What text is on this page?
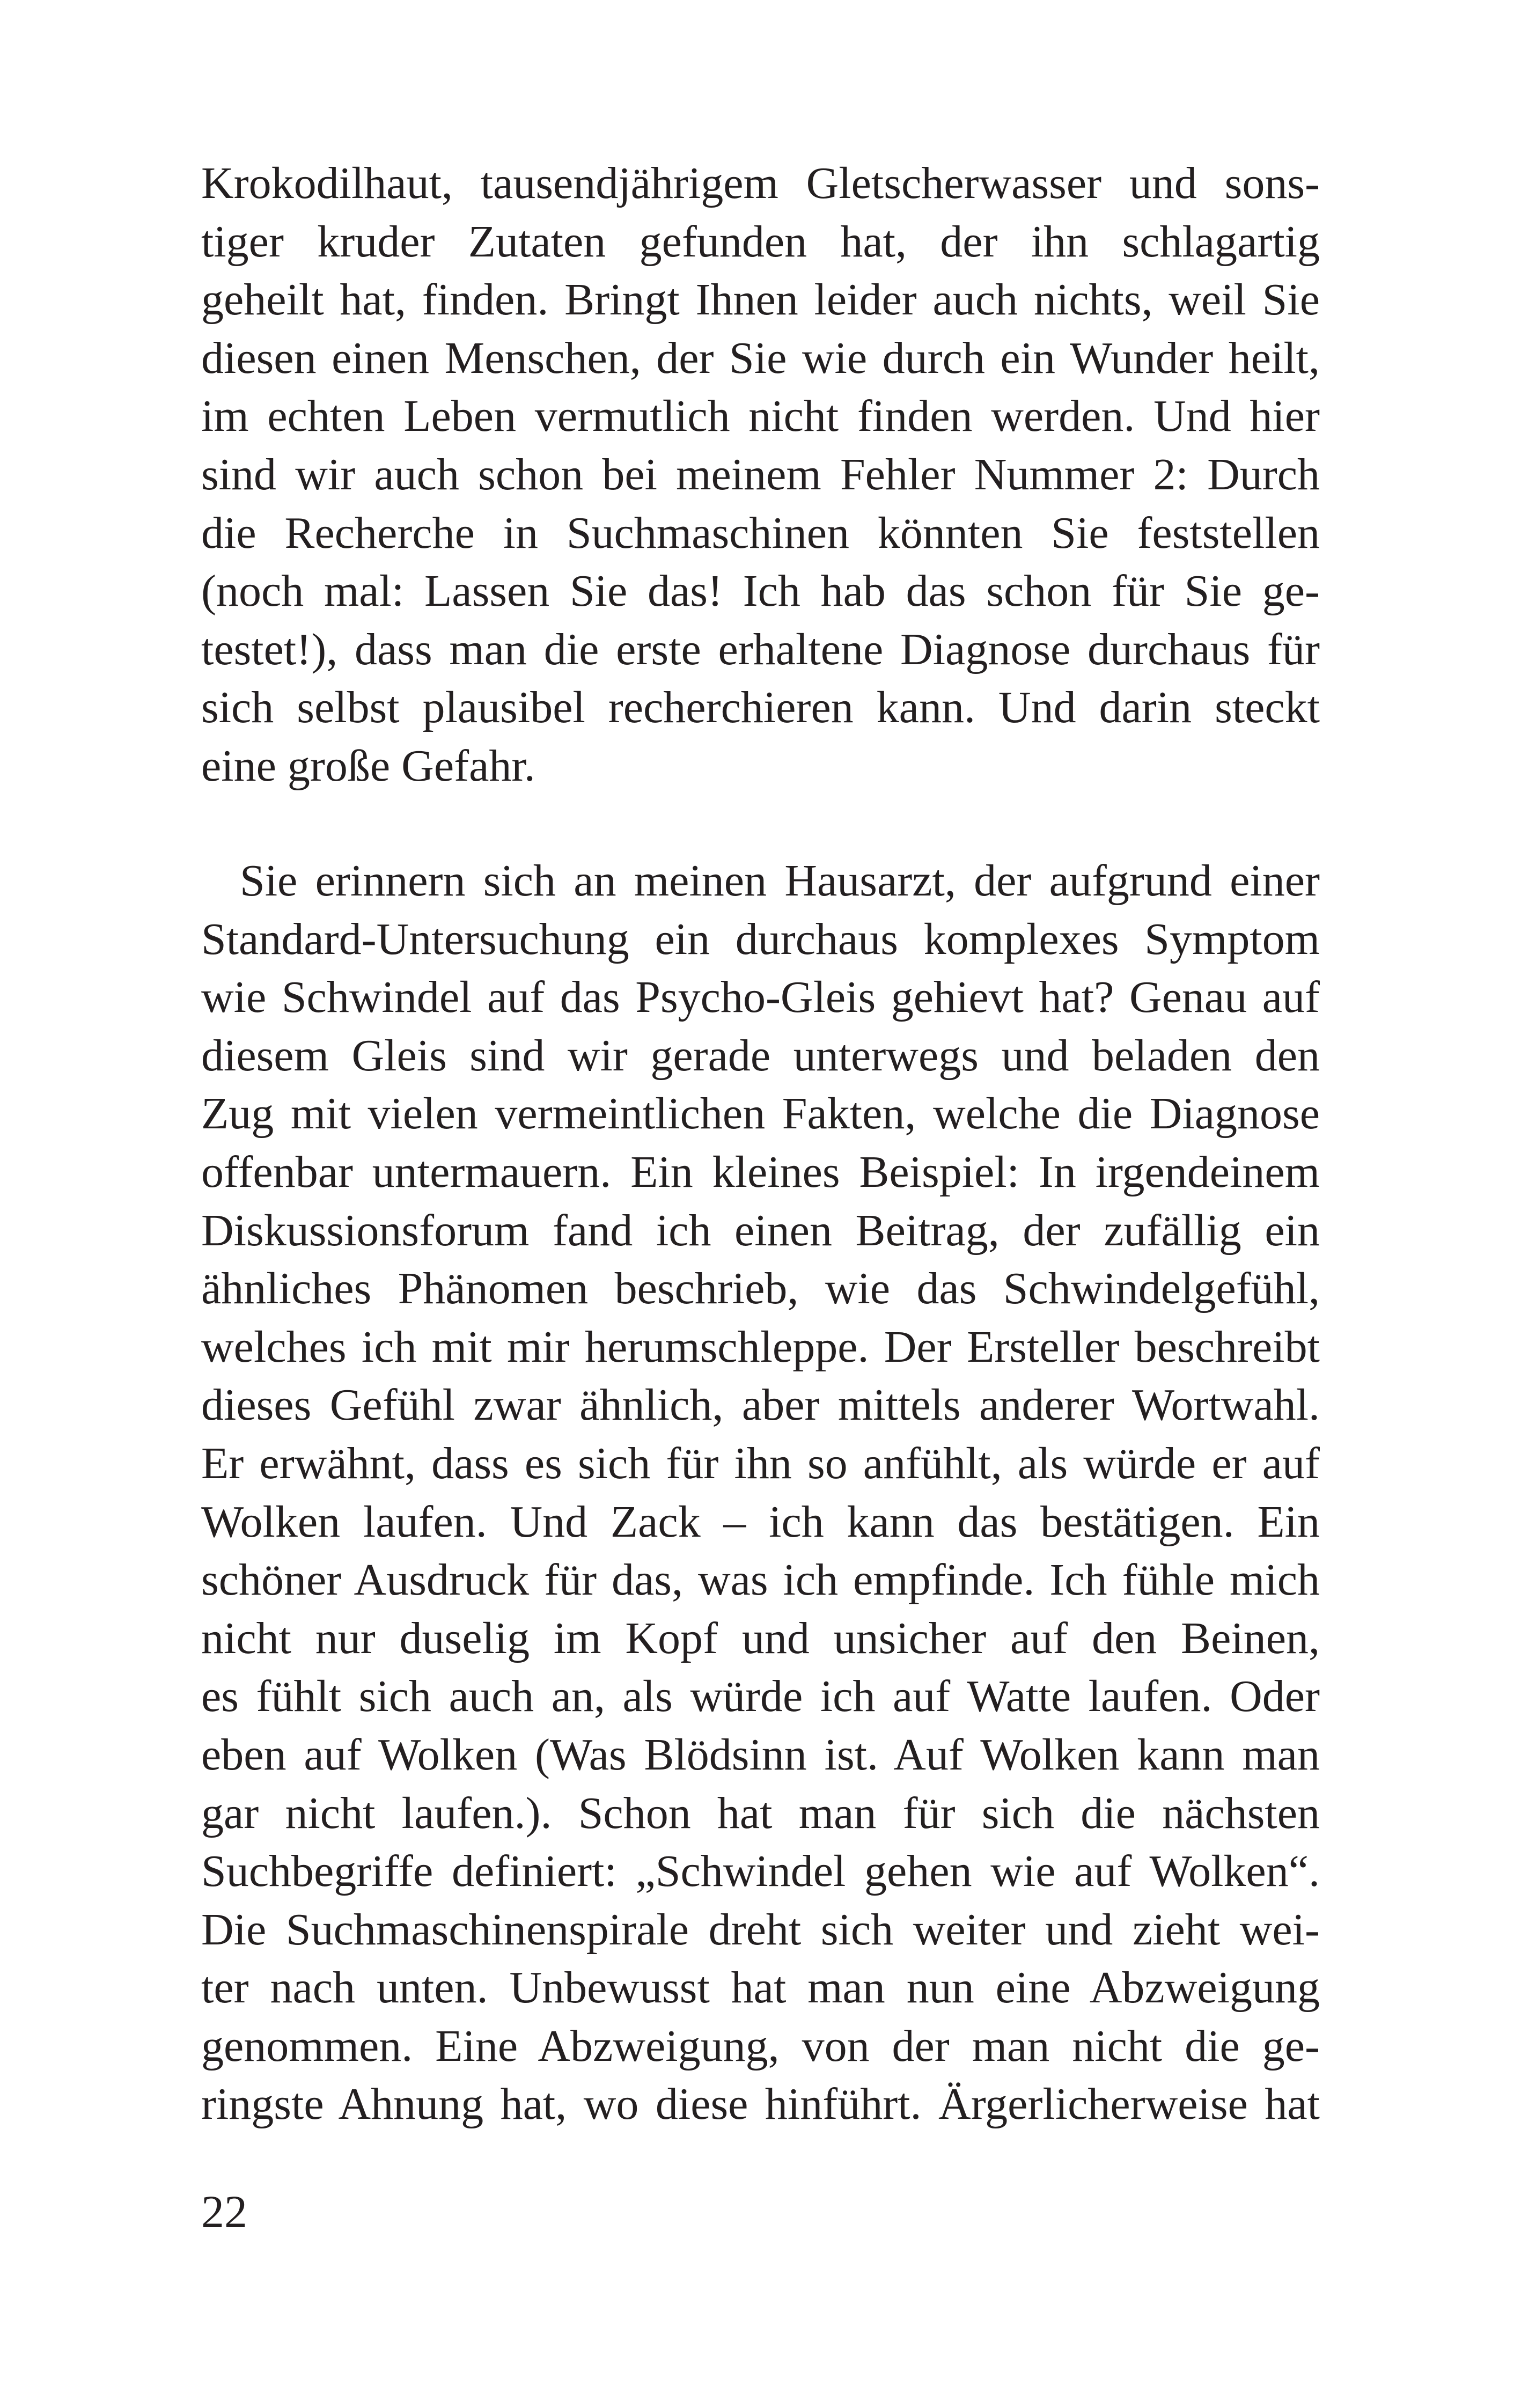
Krokodilhaut, tausendjährigem Gletscherwasser und sons-
tiger kruder Zutaten gefunden hat, der ihn schlagartig
geheilt hat, finden. Bringt Ihnen leider auch nichts, weil Sie
diesen einen Menschen, der Sie wie durch ein Wunder heilt,
im echten Leben vermutlich nicht finden werden. Und hier
sind wir auch schon bei meinem Fehler Nummer 2: Durch
die Recherche in Suchmaschinen könnten Sie feststellen
(noch mal: Lassen Sie das! Ich hab das schon für Sie ge-
testet!), dass man die erste erhaltene Diagnose durchaus für
sich selbst plausibel recherchieren kann. Und darin steckt
eine große Gefahr.
Sie erinnern sich an meinen Hausarzt, der aufgrund einer
Standard-Untersuchung ein durchaus komplexes Symptom
wie Schwindel auf das Psycho-Gleis gehievt hat? Genau auf
diesem Gleis sind wir gerade unterwegs und beladen den
Zug mit vielen vermeintlichen Fakten, welche die Diagnose
offenbar untermauern. Ein kleines Beispiel: In irgendeinem
Diskussionsforum fand ich einen Beitrag, der zufällig ein
ähnliches Phänomen beschrieb, wie das Schwindelgefühl,
welches ich mit mir herumschleppe. Der Ersteller beschreibt
dieses Gefühl zwar ähnlich, aber mittels anderer Wortwahl.
Er erwähnt, dass es sich für ihn so anfühlt, als würde er auf
Wolken laufen. Und Zack – ich kann das bestätigen. Ein
schöner Ausdruck für das, was ich empfinde. Ich fühle mich
nicht nur duselig im Kopf und unsicher auf den Beinen,
es fühlt sich auch an, als würde ich auf Watte laufen. Oder
eben auf Wolken (Was Blödsinn ist. Auf Wolken kann man
gar nicht laufen.). Schon hat man für sich die nächsten
Suchbegriffe definiert: „Schwindel gehen wie auf Wolken“.
Die Suchmaschinenspirale dreht sich weiter und zieht wei-
ter nach unten. Unbewusst hat man nun eine Abzweigung
genommen. Eine Abzweigung, von der man nicht die ge-
ringste Ahnung hat, wo diese hinführt. Ärgerlicherweise hat
22
